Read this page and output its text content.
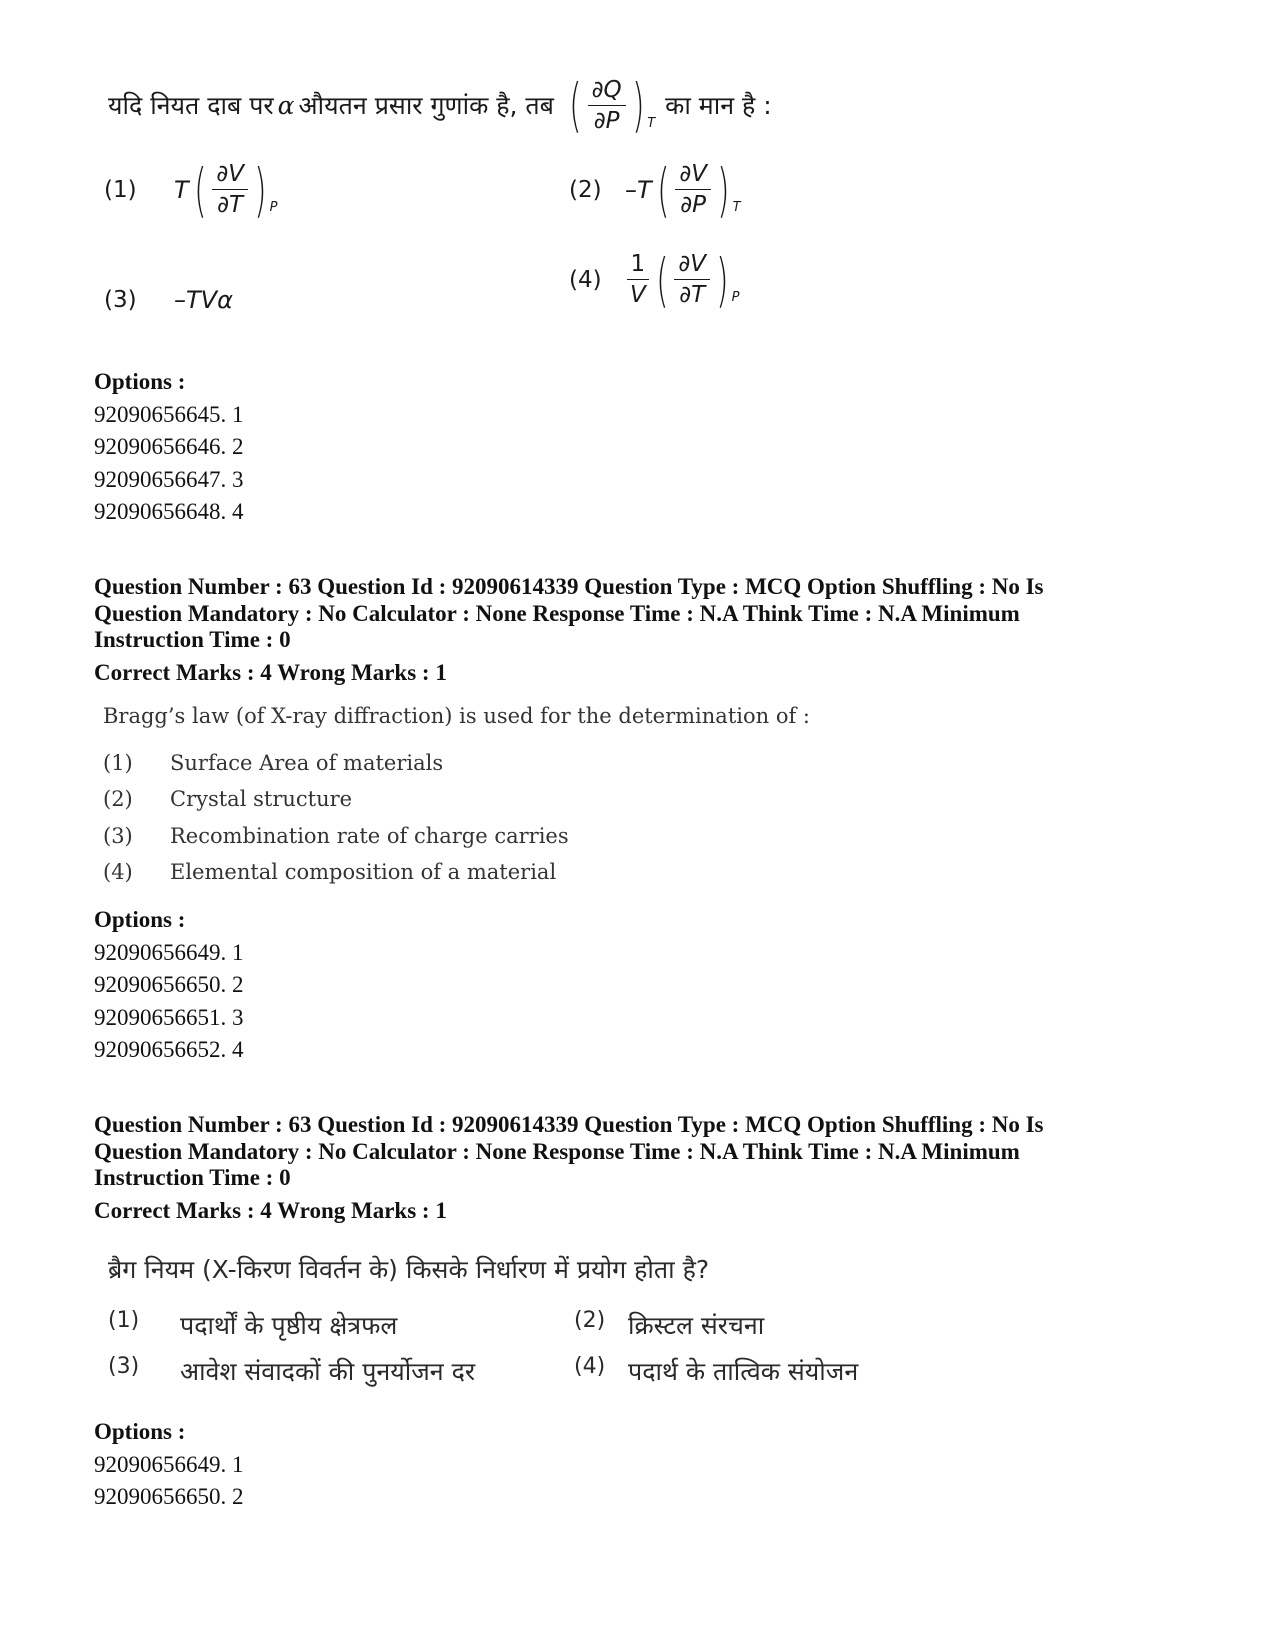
यदि नियत दाब पर α औयतन प्रसार गुणांक है, तब ( $\frac{\partial Q}{\partial P}$ ) T
का मान है :
(1)	T ( $\frac{\partial V}{\partial T}$ ) P
(2) –T ( $\frac{\partial V}{\partial P}$ ) T
(3)	–TVα
(4)	$\frac{1}{V}$ ( $\frac{\partial V}{\partial T}$ ) P
Options :
92090656645. 1
92090656646. 2
92090656647. 3
92090656648. 4
Question Number : 63 Question Id : 92090614339 Question Type : MCQ Option Shuffling : No Is
Question Mandatory : No Calculator : None Response Time : N.A Think Time : N.A Minimum
Instruction Time : 0
Correct Marks : 4 Wrong Marks : 1
Bragg’s law (of X-ray diffraction) is used for the determination of :
(1)	Surface Area of materials
(2)	Crystal structure
(3)	Recombination rate of charge carries
(4)	Elemental composition of a material
Options :
92090656649. 1
92090656650. 2
92090656651. 3
92090656652. 4
Question Number : 63 Question Id : 92090614339 Question Type : MCQ Option Shuffling : No Is
Question Mandatory : No Calculator : None Response Time : N.A Think Time : N.A Minimum
Instruction Time : 0
Correct Marks : 4 Wrong Marks : 1
ब्रैग नियम (X-किरण विवर्तन के) किसके निर्धारण में प्रयोग होता है?
(1)	पदार्थों के पृष्ठीय क्षेत्रफल	(2) क्रिस्टल संरचना
(3)	आवेश संवादकों की पुनर्योजन दर	(4) पदार्थ के तात्विक संयोजन
Options :
92090656649. 1
92090656650. 2
